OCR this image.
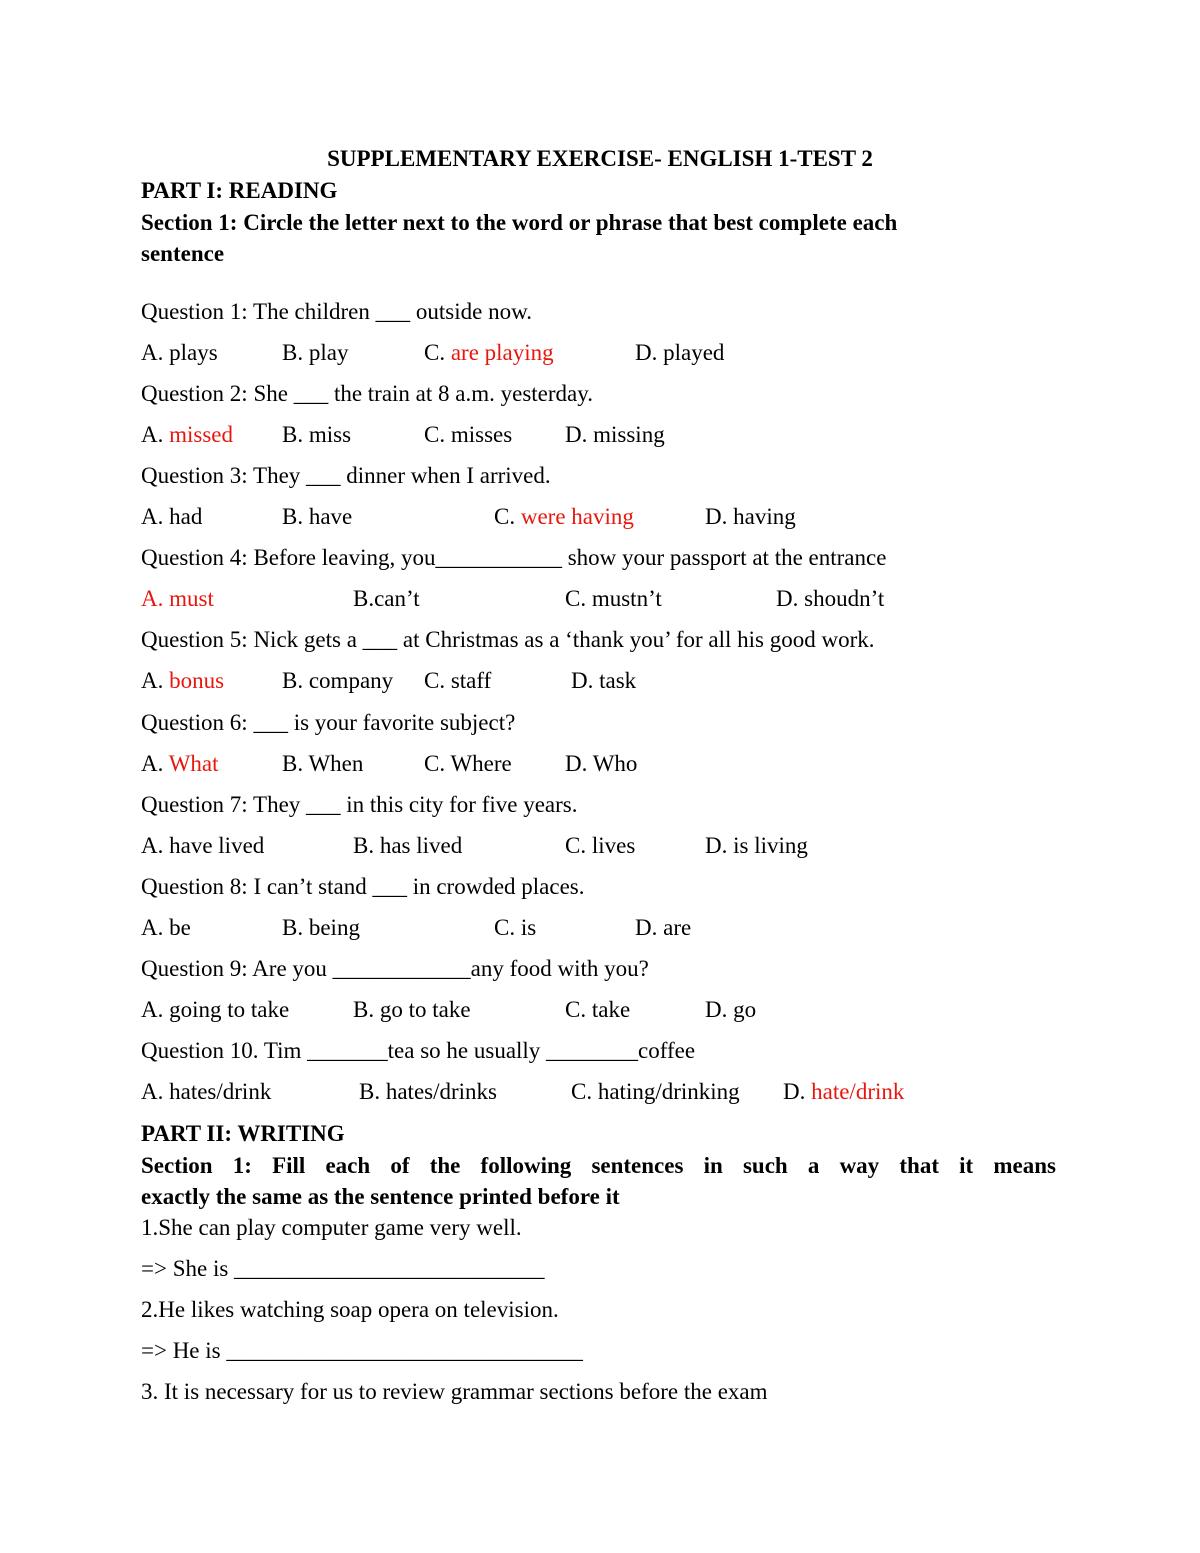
SUPPLEMENTARY EXERCISE- ENGLISH 1-TEST 2
PART I: READING
Section 1: Circle the letter next to the word or phrase that best complete each
sentence
Question 1: The children ___ outside now.
A. plays	B. play	C. are playing	D. played
Question 2: She ___ the train at 8 a.m. yesterday.
A. missed B. miss	C. misses D. missing
Question 3: They ___ dinner when I arrived.
A. had	B. have	C. were having	D. having
Question 4: Before leaving, you___________ show your passport at the entrance
A. must	B.can’t	C. mustn’t	D. shoudn’t
Question 5: Nick gets a ___ at Christmas as a ‘thank you’ for all his good work.
A. bonus	B. company C. staff	D. task
Question 6: ___ is your favorite subject?
A. What	B. When	C. Where D. Who
Question 7: They ___ in this city for five years.
A. have lived	B. has lived	C. lives	D. is living
Question 8: I can’t stand ___ in crowded places.
A. be	B. being	C. is	D. are
Question 9: Are you ____________any food with you?
A. going to take	B. go to take	C. take	D. go
Question 10. Tim _______tea so he usually ________coffee
A. hates/drink	B. hates/drinks	C. hating/drinking D. hate/drink
PART II: WRITING
Section 1: Fill each of the following sentences in such a way that it means
exactly the same as the sentence printed before it
1.She can play computer game very well.
=> She is ___________________________
2.He likes watching soap opera on television.
=> He is _______________________________
3. It is necessary for us to review grammar sections before the exam
